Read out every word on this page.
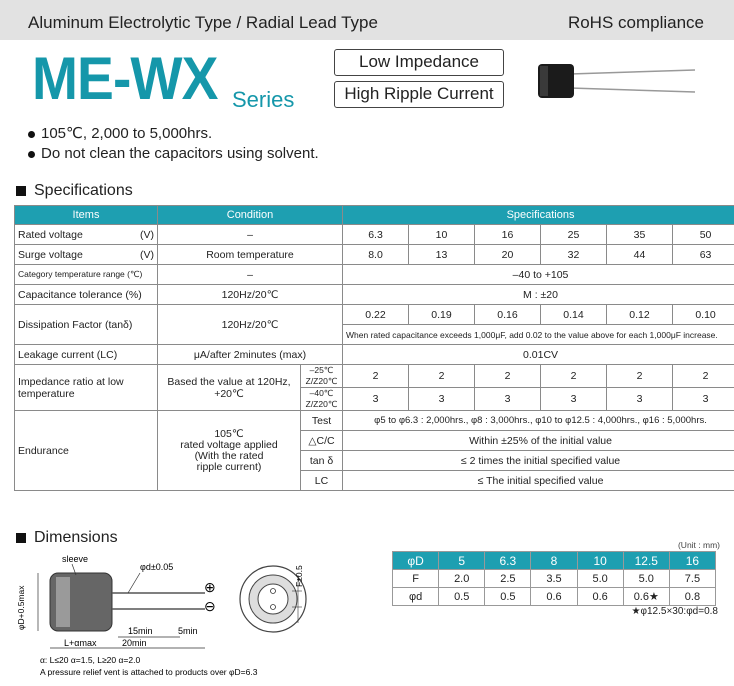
Aluminum Electrolytic Type / Radial Lead Type	RoHS compliance
ME-WX Series
Low Impedance
High Ripple Current
105℃, 2,000 to 5,000hrs.
Do not clean the capacitors using solvent.
Specifications
Items	Condition		Specifications					

Rated voltage (V)	–		6.3	10	16	25	35	50

Surge voltage (V)	Room temperature		8.0	13	20	32	44	63
Category temperature range (℃)	–		–40 to +105					
Capacitance tolerance (%)	120Hz/20℃		M : ±20					
Dissipation Factor (tanδ)	120Hz/20℃		0.22	0.19	0.16	0.14	0.12	0.10
			When rated capacitance exceeds 1,000μF, add 0.02 to the value above for each 1,000μF increase.					
Leakage current (LC)	μA/after 2minutes (max)		0.01CV					
Impedance ratio at low temperature	Based the value at 120Hz, +20℃	–25℃ Z/Z20℃	2	2	2	2	2	2
		–40℃ Z/Z20℃	3	3	3	3	3	3
Endurance	105℃
rated voltage applied
(With the rated
ripple current)	Test	φ5 to φ6.3 : 2,000hrs., φ8 : 3,000hrs., φ10 to φ12.5 : 4,000hrs., φ16 : 5,000hrs.					
		△C/C	Within ±25% of the initial value					
		tan δ	≤ 2 times the initial specified value					
		LC	≤ The initial specified value					
Dimensions
⊕
⊖
sleeve
φd±0.05
φD+0.5max
15min	5min
L+αmax	20min
α: L≤20 α=1.5, L≥20 α=2.0
A pressure relief vent is attached to products over φD=6.3
F±0.5
(Unit : mm)
φD	5	6.3	8	10	12.5	16
F	2.0	2.5	3.5	5.0	5.0	7.5
φd	0.5	0.5	0.6	0.6	0.6★	0.8
★φ12.5×30:φd=0.8
